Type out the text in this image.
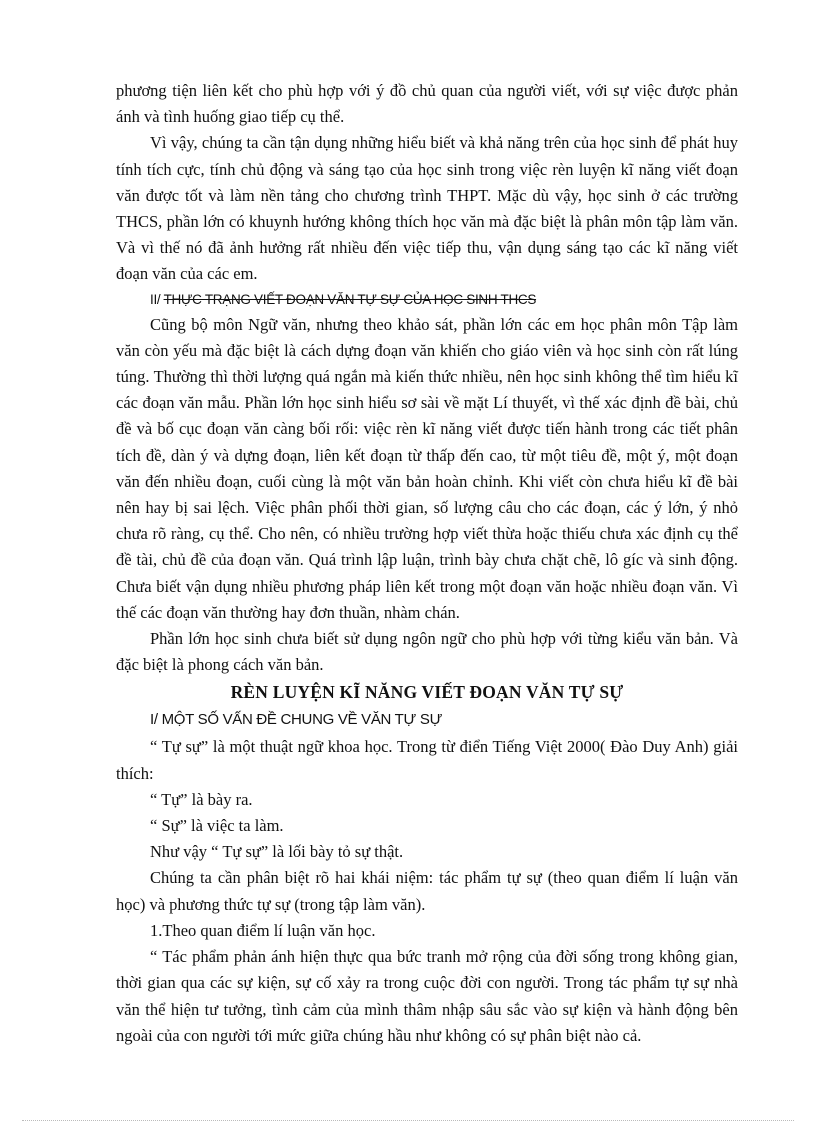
phương tiện liên kết cho phù hợp với ý đồ chủ quan của người viết, với sự việc được phản ánh và tình huống giao tiếp cụ thể.

Vì vậy, chúng ta cần tận dụng những hiểu biết và khả năng trên của học sinh để phát huy tính tích cực, tính chủ động và sáng tạo của học sinh trong việc rèn luyện kĩ năng viết đoạn văn được tốt và làm nền tảng cho chương trình THPT. Mặc dù vậy, học sinh ở các trường THCS, phần lớn có khuynh hướng không thích học văn mà đặc biệt là phân môn tập làm văn. Và vì thế nó đã ảnh hưởng rất nhiều đến việc tiếp thu, vận dụng sáng tạo các kĩ năng viết đoạn văn của các em.

II/ THỰC TRẠNG VIẾT ĐOẠN VĂN TỰ SỰ CỦA HỌC SINH THCS

Cũng bộ môn Ngữ văn, nhưng theo khảo sát, phần lớn các em học phân môn Tập làm văn còn yếu mà đặc biệt là cách dựng đoạn văn khiến cho giáo viên và học sinh còn rất lúng túng. Thường thì thời lượng quá ngắn mà kiến thức nhiều, nên học sinh không thể tìm hiểu kĩ các đoạn văn mẫu. Phần lớn học sinh hiểu sơ sài về mặt Lí thuyết, vì thế xác định đề bài, chủ đề và bố cục đoạn văn càng bối rối: việc rèn kĩ năng viết được tiến hành trong các tiết phân tích đề, dàn ý và dựng đoạn, liên kết đoạn từ thấp đến cao, từ một tiêu đề, một ý, một đoạn văn đến nhiều đoạn, cuối cùng là một văn bản hoàn chỉnh. Khi viết còn chưa hiểu kĩ đề bài nên hay bị sai lệch. Việc phân phối thời gian, số lượng câu cho các đoạn, các ý lớn, ý nhỏ chưa rõ ràng, cụ thể. Cho nên, có nhiều trường hợp viết thừa hoặc thiếu chưa xác định cụ thể đề tài, chủ đề của đoạn văn. Quá trình lập luận, trình bày chưa chặt chẽ, lô gíc và sinh động. Chưa biết vận dụng nhiều phương pháp liên kết trong một đoạn văn hoặc nhiều đoạn văn. Vì thế các đoạn văn thường hay đơn thuần, nhàm chán.

Phần lớn học sinh chưa biết sử dụng ngôn ngữ cho phù hợp với từng kiểu văn bản. Và đặc biệt là phong cách văn bản.

RÈN LUYỆN KĨ NĂNG VIẾT ĐOẠN VĂN TỰ SỰ

I/ MỘT SỐ VẤN ĐỀ CHUNG VỀ VĂN TỰ SỰ

“ Tự sự” là một thuật ngữ khoa học. Trong từ điển Tiếng Việt 2000( Đào Duy Anh) giải thích:

“ Tự” là bày ra.

“ Sự” là việc ta làm.

Như vậy “ Tự sự” là lối bày tỏ sự thật.

Chúng ta cần phân biệt rõ hai khái niệm: tác phẩm tự sự (theo quan điểm lí luận văn học) và phương thức tự sự (trong tập làm văn).

1.Theo quan điểm lí luận văn học.

“ Tác phẩm phản ánh hiện thực qua bức tranh mở rộng của đời sống trong không gian, thời gian qua các sự kiện, sự cố xảy ra trong cuộc đời con người. Trong tác phẩm tự sự nhà văn thể hiện tư tưởng, tình cảm của mình thâm nhập sâu sắc vào sự kiện và hành động bên ngoài của con người tới mức giữa chúng hầu như không có sự phân biệt nào cả.
